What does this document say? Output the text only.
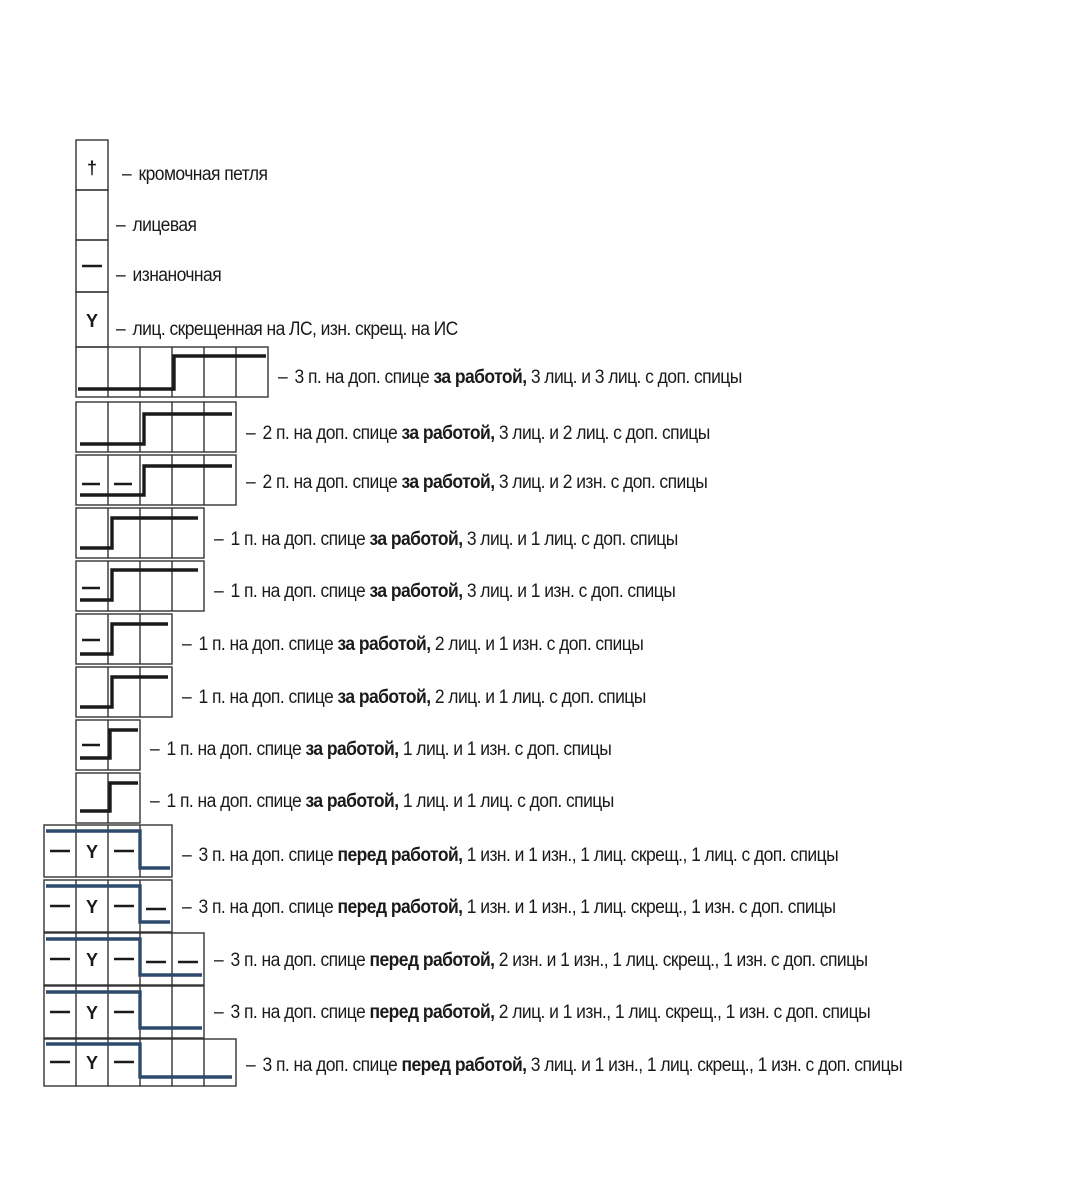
†
Y
Y
Y
Y
Y
Y
– кромочная петля
– лицевая
– изнаночная
– лиц. скрещенная на ЛС, изн. скрещ. на ИС
– 3 п. на доп. спице за работой, 3 лиц. и 3 лиц. с доп. спицы
– 2 п. на доп. спице за работой, 3 лиц. и 2 лиц. с доп. спицы
– 2 п. на доп. спице за работой, 3 лиц. и 2 изн. с доп. спицы
– 1 п. на доп. спице за работой, 3 лиц. и 1 лиц. с доп. спицы
– 1 п. на доп. спице за работой, 3 лиц. и 1 изн. с доп. спицы
– 1 п. на доп. спице за работой, 2 лиц. и 1 изн. с доп. спицы
– 1 п. на доп. спице за работой, 2 лиц. и 1 лиц. с доп. спицы
– 1 п. на доп. спице за работой, 1 лиц. и 1 изн. с доп. спицы
– 1 п. на доп. спице за работой, 1 лиц. и 1 лиц. с доп. спицы
– 3 п. на доп. спице перед работой, 1 изн. и 1 изн., 1 лиц. скрещ., 1 лиц. с доп. спицы
– 3 п. на доп. спице перед работой, 1 изн. и 1 изн., 1 лиц. скрещ., 1 изн. с доп. спицы
– 3 п. на доп. спице перед работой, 2 изн. и 1 изн., 1 лиц. скрещ., 1 изн. с доп. спицы
– 3 п. на доп. спице перед работой, 2 лиц. и 1 изн., 1 лиц. скрещ., 1 изн. с доп. спицы
– 3 п. на доп. спице перед работой, 3 лиц. и 1 изн., 1 лиц. скрещ., 1 изн. с доп. спицы
